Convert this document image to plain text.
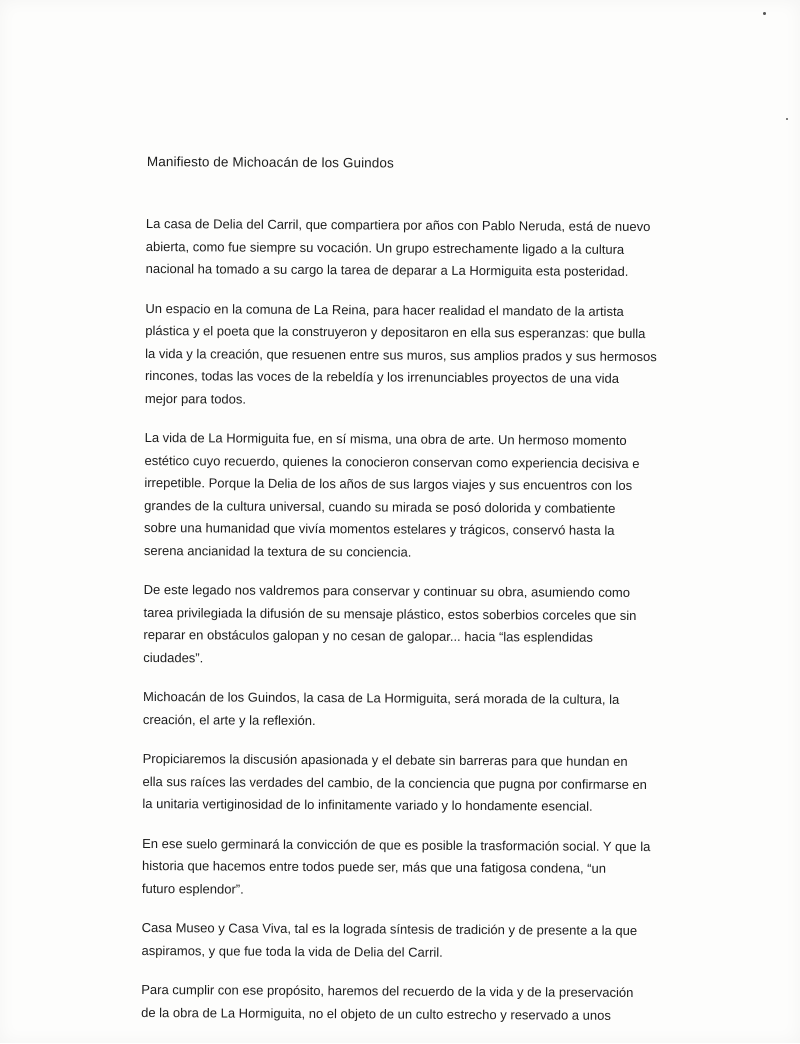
Manifiesto de Michoacán de los Guindos

La casa de Delia del Carril, que compartiera por años con Pablo Neruda, está de nuevo
abierta, como fue siempre su vocación. Un grupo estrechamente ligado a la cultura
nacional ha tomado a su cargo la tarea de deparar a La Hormiguita esta posteridad.

Un espacio en la comuna de La Reina, para hacer realidad el mandato de la artista
plástica y el poeta que la construyeron y depositaron en ella sus esperanzas: que bulla
la vida y la creación, que resuenen entre sus muros, sus amplios prados y sus hermosos
rincones, todas las voces de la rebeldía y los irrenunciables proyectos de una vida
mejor para todos.

La vida de La Hormiguita fue, en sí misma, una obra de arte. Un hermoso momento
estético cuyo recuerdo, quienes la conocieron conservan como experiencia decisiva e
irrepetible. Porque la Delia de los años de sus largos viajes y sus encuentros con los
grandes de la cultura universal, cuando su mirada se posó dolorida y combatiente
sobre una humanidad que vivía momentos estelares y trágicos, conservó hasta la
serena ancianidad la textura de su conciencia.

De este legado nos valdremos para conservar y continuar su obra, asumiendo como
tarea privilegiada la difusión de su mensaje plástico, estos soberbios corceles que sin
reparar en obstáculos galopan y no cesan de galopar... hacia “las esplendidas
ciudades”.

Michoacán de los Guindos, la casa de La Hormiguita, será morada de la cultura, la
creación, el arte y la reflexión.

Propiciaremos la discusión apasionada y el debate sin barreras para que hundan en
ella sus raíces las verdades del cambio, de la conciencia que pugna por confirmarse en
la unitaria vertiginosidad de lo infinitamente variado y lo hondamente esencial.

En ese suelo germinará la convicción de que es posible la trasformación social. Y que la
historia que hacemos entre todos puede ser, más que una fatigosa condena, “un
futuro esplendor”.

Casa Museo y Casa Viva, tal es la lograda síntesis de tradición y de presente a la que
aspiramos, y que fue toda la vida de Delia del Carril.

Para cumplir con ese propósito, haremos del recuerdo de la vida y de la preservación
de la obra de La Hormiguita, no el objeto de un culto estrecho y reservado a unos
